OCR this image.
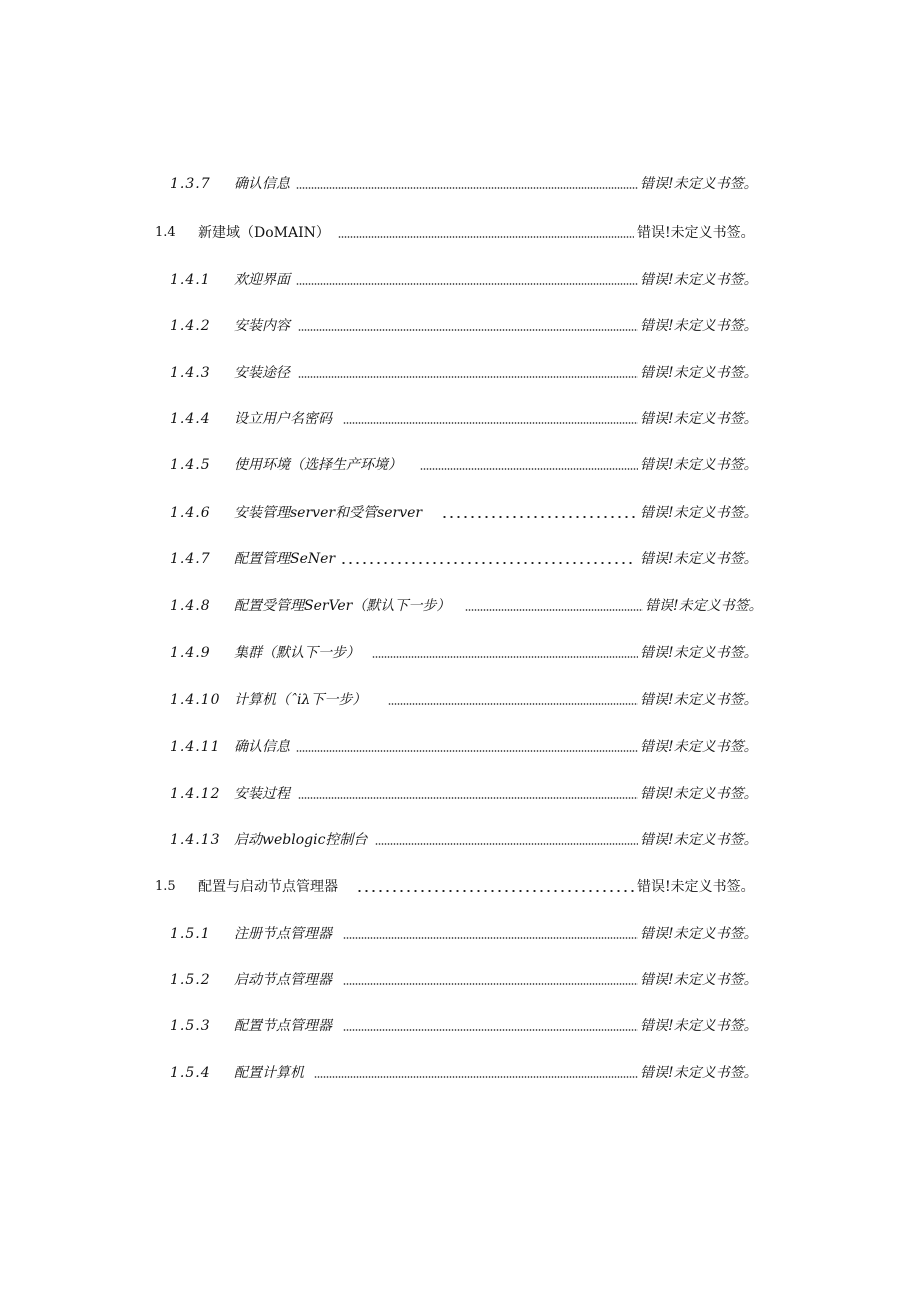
1.3.7 确认信息	错误!未定义书签。
1.4 新建域（DoMAIN）	错误!未定义书签。
1.4.1 欢迎界面	错误!未定义书签。
1.4.2 安装内容	错误!未定义书签。
1.4.3 安装途径	错误!未定义书签。
1.4.4 设立用户名密码	错误!未定义书签。
1.4.5 使用环境（选择生产环境）	错误!未定义书签。
1.4.6 安装管理server和受管server	错误!未定义书签。
1.4.7 配置管理SeNer	错误!未定义书签。
1.4.8 配置受管理SerVer（默认下一步）	错误!未定义书签。
1.4.9 集群（默认下一步）	错误!未定义书签。
1.4.10 计算机（ˆiλ下一步）	错误!未定义书签。
1.4.11 确认信息	错误!未定义书签。
1.4.12 安装过程	错误!未定义书签。
1.4.13 启动weblogic控制台	错误!未定义书签。
1.5 配置与启动节点管理器	错误!未定义书签。
1.5.1 注册节点管理器	错误!未定义书签。
1.5.2 启动节点管理器	错误!未定义书签。
1.5.3 配置节点管理器	错误!未定义书签。
1.5.4 配置计算机	错误!未定义书签。
